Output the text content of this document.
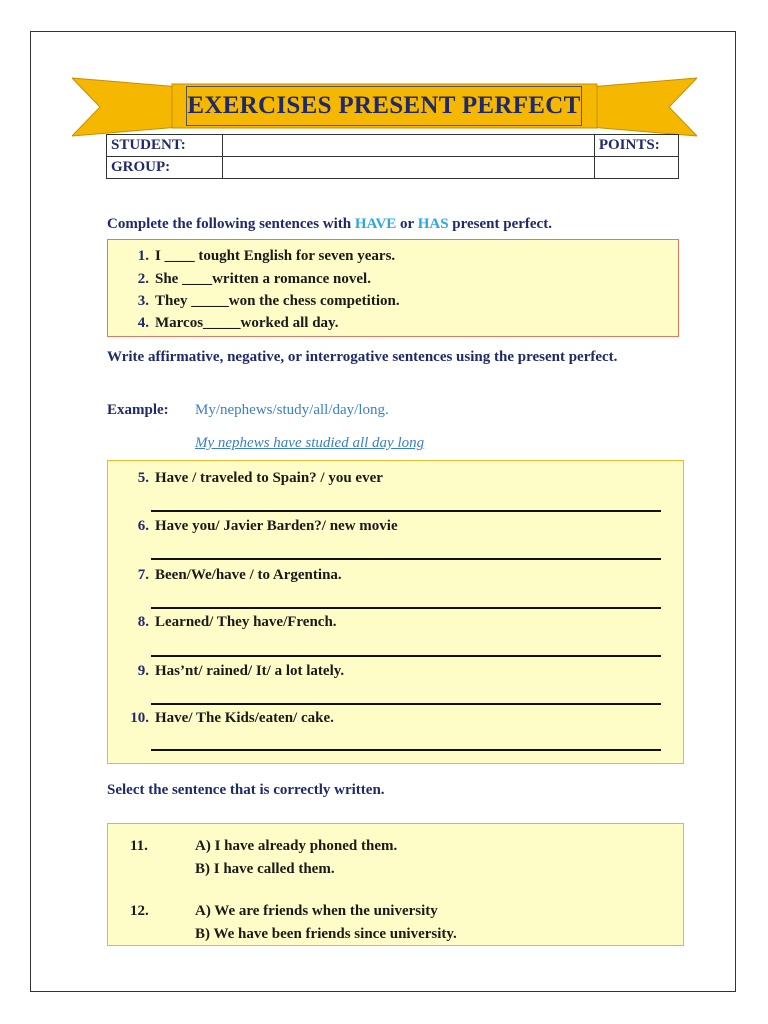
EXERCISES PRESENT PERFECT
STUDENT:		POINTS:
GROUP:		
Complete the following sentences with HAVE or HAS present perfect.
1. I ____ tought English for seven years.
2. She ____written a romance novel.
3. They _____won the chess competition.
4. Marcos_____worked all day.
Write affirmative, negative, or interrogative sentences using the present perfect.
Example: My/nephews/study/all/day/long.
My nephews have studied all day long
5. Have / traveled to Spain? / you ever
6. Have you/ Javier Barden?/ new movie
7. Been/We/have / to Argentina.
8. Learned/ They have/French.
9. Has’nt/ rained/ It/ a lot lately.
10. Have/ The Kids/eaten/ cake.
Select the sentence that is correctly written.
11.	A) I have already phoned them.
B) I have called them.
12.	A) We are friends when the university
B) We have been friends since university.
